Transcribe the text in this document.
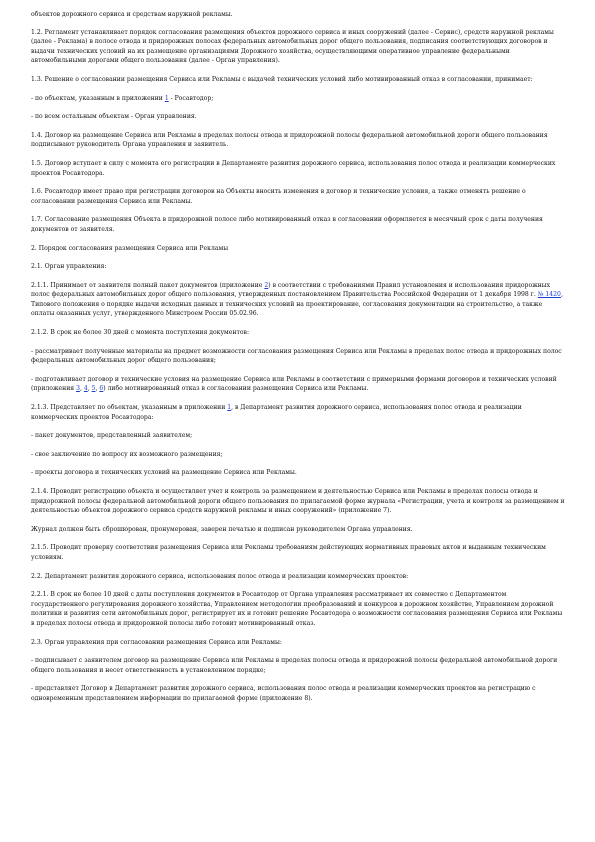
объектов дорожного сервиса и средствам наружной рекламы.

1.2. Регламент устанавливает порядок согласования размещения объектов дорожного сервиса и иных сооружений (далее - Сервис), средств наружной рекламы (далее - Реклама) в полосе отвода и придорожных полосах федеральных автомобильных дорог общего пользования, подписания соответствующих договоров и выдачи технических условий на их размещение организациями Дорожного хозяйства, осуществляющими оперативное управление федеральными автомобильными дорогами общего пользования (далее - Орган управления).

1.3. Решение о согласовании размещения Сервиса или Рекламы с выдачей технических условий либо мотивированный отказ в согласовании, принимает:

- по объектам, указанным в приложении 1 - Росавтодор;

- по всем остальным объектам - Орган управления.

1.4. Договор на размещение Сервиса или Рекламы в пределах полосы отвода и придорожной полосы федеральной автомобильной дороги общего пользования подписывают руководитель Органа управления и заявитель.

1.5. Договор вступает в силу с момента его регистрации в Департаменте развития дорожного сервиса, использования полос отвода и реализации коммерческих проектов Росавтодора.

1.6. Росавтодор имеет право при регистрации договоров на Объекты вносить изменения в договор и технические условия, а также отменять решение о согласовании размещения Сервиса или Рекламы.

1.7. Согласование размещения Объекта в придорожной полосе либо мотивированный отказ в согласовании оформляется в месячный срок с даты получения документов от заявителя.

2. Порядок согласования размещения Сервиса или Рекламы

2.1. Орган управления:

2.1.1. Принимает от заявителя полный пакет документов (приложение 2) в соответствии с требованиями Правил установления и использования придорожных полос федеральных автомобильных дорог общего пользования, утвержденных постановлением Правительства Российской Федерации от 1 декабря 1998 г. № 1420, Типового положения о порядке выдачи исходных данных и технических условий на проектирование, согласования документации на строительство, а также оплаты оказанных услуг, утвержденного Минстроем России 05.02.96.

2.1.2. В срок не более 30 дней с момента поступления документов:

- рассматривает полученные материалы на предмет возможности согласования размещения Сервиса или Рекламы в пределах полос отвода и придорожных полос федеральных автомобильных дорог общего пользования;

- подготавливает договор и технические условия на размещение Сервиса или Рекламы в соответствии с примерными формами договоров и технических условий (приложения 3, 4, 5, 6) либо мотивированный отказ в согласовании размещения Сервиса или Рекламы.

2.1.3. Представляет по объектам, указанным в приложении 1, в Департамент развития дорожного сервиса, использования полос отвода и реализации коммерческих проектов Росавтодора:

- пакет документов, представленный заявителем;

- свое заключение по вопросу их возможного размещения;

- проекты договора и технических условий на размещение Сервиса или Рекламы.

2.1.4. Проводит регистрацию объекта и осуществляет учет и контроль за размещением и деятельностью Сервиса или Рекламы в пределах полосы отвода и придорожной полосы федеральной автомобильной дороги общего пользования по прилагаемой форме журнала «Регистрации, учета и контроля за размещением и деятельностью объектов дорожного сервиса средств наружной рекламы и иных сооружений» (приложение 7).

Журнал должен быть сброшюрован, пронумерован, заверен печатью и подписан руководителем Органа управления.

2.1.5. Проводит проверку соответствия размещения Сервиса или Рекламы требованиям действующих нормативных правовых актов и выданным техническим условиям.

2.2. Департамент развития дорожного сервиса, использования полос отвода и реализации коммерческих проектов:

2.2.1. В срок не более 10 дней с даты поступления документов в Росавтодор от Органа управления рассматривает их совместно с Департаментом государственного регулирования дорожного хозяйства, Управлением методологии преобразований и конкурсов в дорожном хозяйстве, Управлением дорожной политики и развития сети автомобильных дорог, регистрирует их и готовит решение Росавтодора о возможности согласования размещения Сервиса или Рекламы в пределах полосы отвода и придорожной полосы либо готовит мотивированный отказ.

2.3. Орган управления при согласовании размещения Сервиса или Рекламы:

- подписывает с заявителем договор на размещение Сервиса или Рекламы в пределах полосы отвода и придорожной полосы федеральной автомобильной дороги общего пользования и несет ответственность в установленном порядке;

- представляет Договор в Департамент развития дорожного сервиса, использования полос отвода и реализации коммерческих проектов на регистрацию с одновременным представлением информации по прилагаемой форме (приложение 8).
